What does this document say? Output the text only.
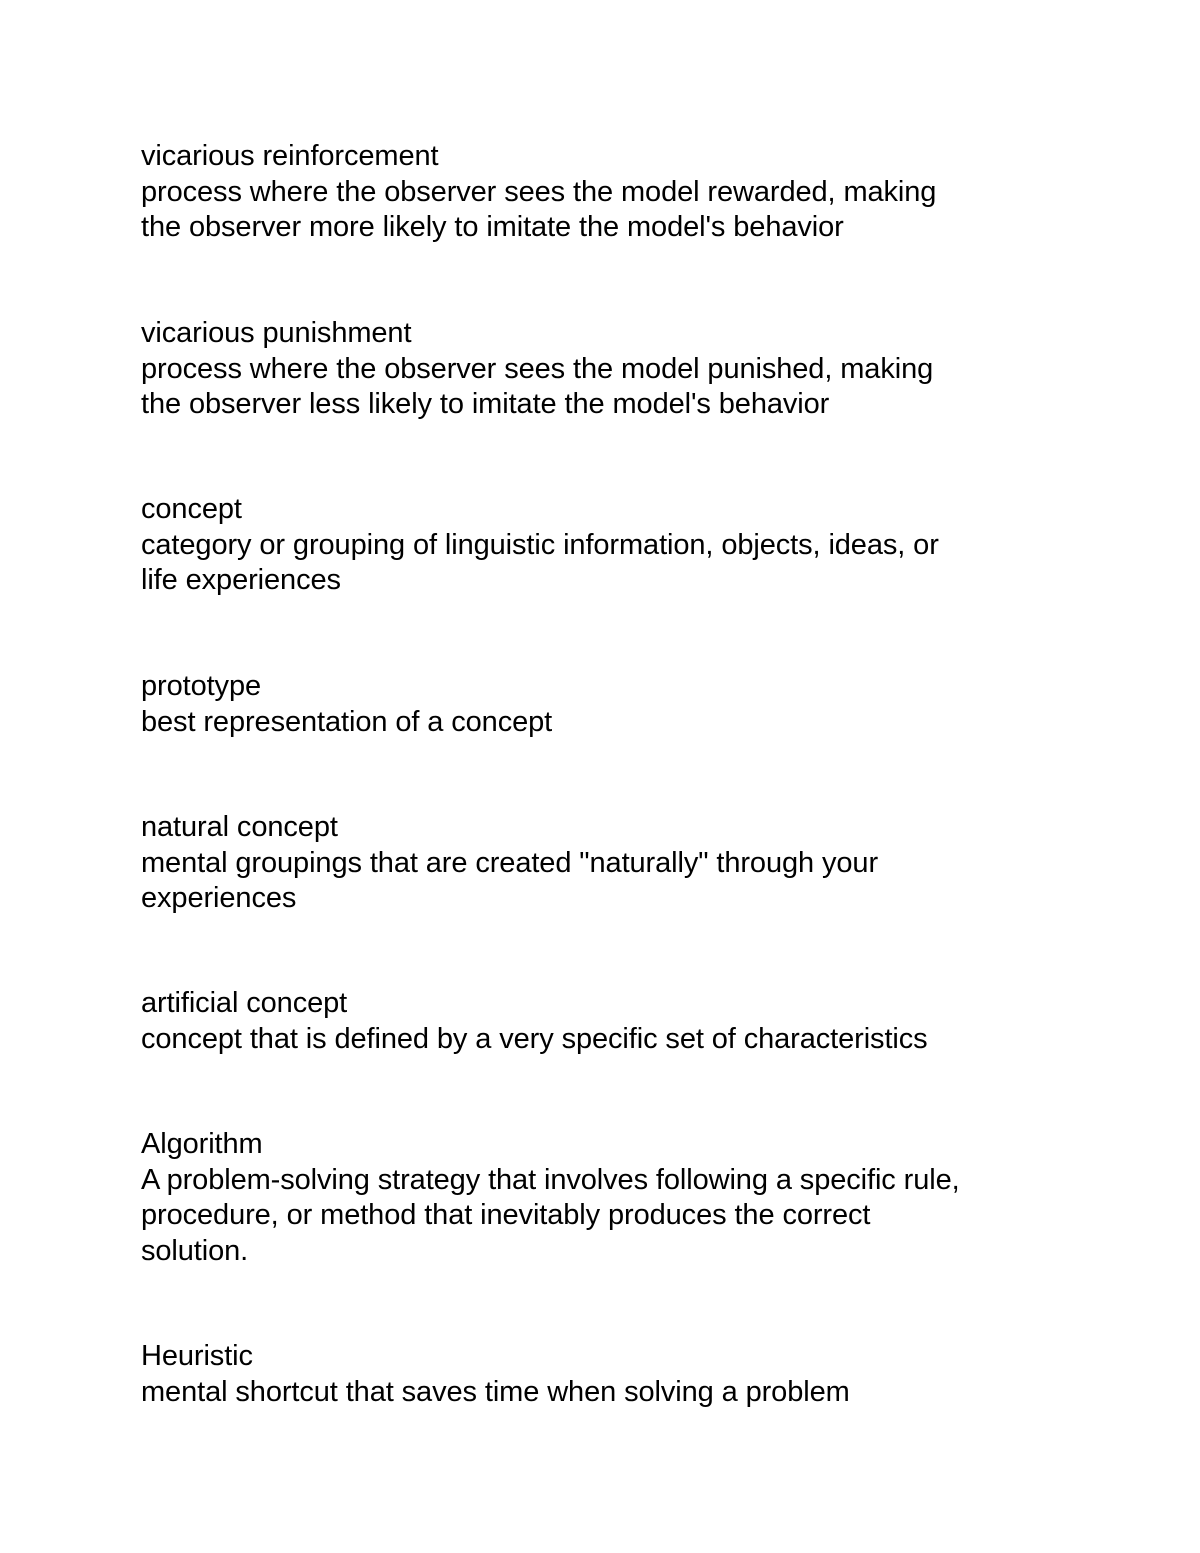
vicarious reinforcement
process where the observer sees the model rewarded, making
the observer more likely to imitate the model's behavior
vicarious punishment
process where the observer sees the model punished, making
the observer less likely to imitate the model's behavior
concept
category or grouping of linguistic information, objects, ideas, or
life experiences
prototype
best representation of a concept
natural concept
mental groupings that are created "naturally" through your
experiences
artificial concept
concept that is defined by a very specific set of characteristics
Algorithm
A problem-solving strategy that involves following a specific rule,
procedure, or method that inevitably produces the correct
solution.
Heuristic
mental shortcut that saves time when solving a problem
